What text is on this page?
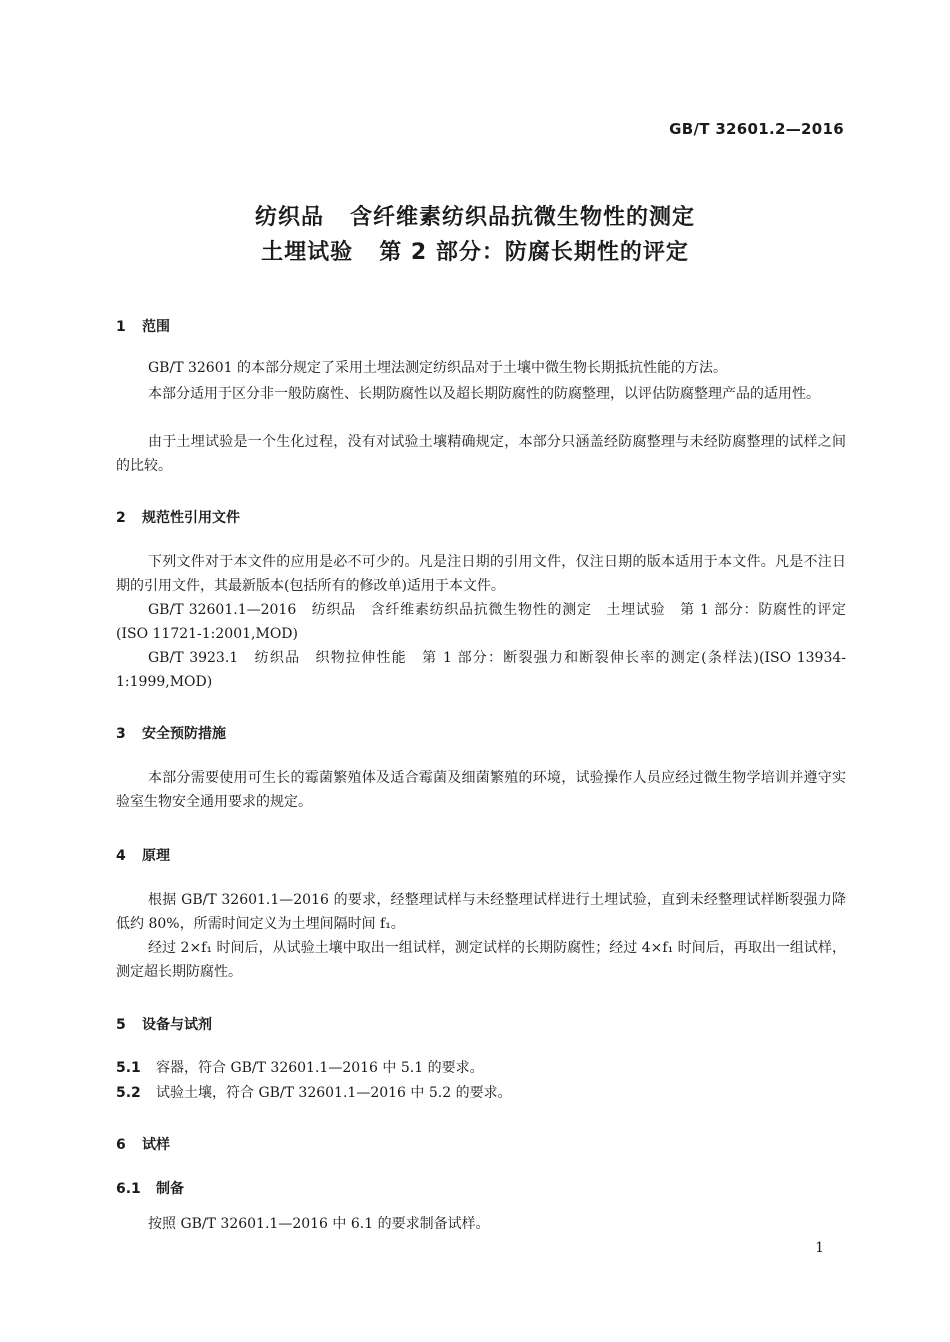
GB/T 32601.2—2016
纺织品 含纤维素纺织品抗微生物性的测定
土埋试验 第 2 部分：防腐长期性的评定
1 范围

GB/T 32601 的本部分规定了采用土埋法测定纺织品对于土壤中微生物长期抵抗性能的方法。

本部分适用于区分非一般防腐性、长期防腐性以及超长期防腐性的防腐整理，以评估防腐整理产品的适用性。

由于土埋试验是一个生化过程，没有对试验土壤精确规定，本部分只涵盖经防腐整理与未经防腐整理的试样之间的比较。

2 规范性引用文件

下列文件对于本文件的应用是必不可少的。凡是注日期的引用文件，仅注日期的版本适用于本文件。凡是不注日期的引用文件，其最新版本(包括所有的修改单)适用于本文件。

GB/T 32601.1—2016　纺织品　含纤维素纺织品抗微生物性的测定　土埋试验　第 1 部分：防腐性的评定(ISO 11721-1:2001,MOD)

GB/T 3923.1　纺织品　织物拉伸性能　第 1 部分：断裂强力和断裂伸长率的测定(条样法)(ISO 13934-1:1999,MOD)

3 安全预防措施

本部分需要使用可生长的霉菌繁殖体及适合霉菌及细菌繁殖的环境，试验操作人员应经过微生物学培训并遵守实验室生物安全通用要求的规定。

4 原理

根据 GB/T 32601.1—2016 的要求，经整理试样与未经整理试样进行土埋试验，直到未经整理试样断裂强力降低约 80%，所需时间定义为土埋间隔时间 f₁。

经过 2×f₁ 时间后，从试验土壤中取出一组试样，测定试样的长期防腐性；经过 4×f₁ 时间后，再取出一组试样，测定超长期防腐性。

5 设备与试剂
5.1 容器，符合 GB/T 32601.1—2016 中 5.1 的要求。
5.2 试验土壤，符合 GB/T 32601.1—2016 中 5.2 的要求。
6 试样
6.1 制备

按照 GB/T 32601.1—2016 中 6.1 的要求制备试样。

1
